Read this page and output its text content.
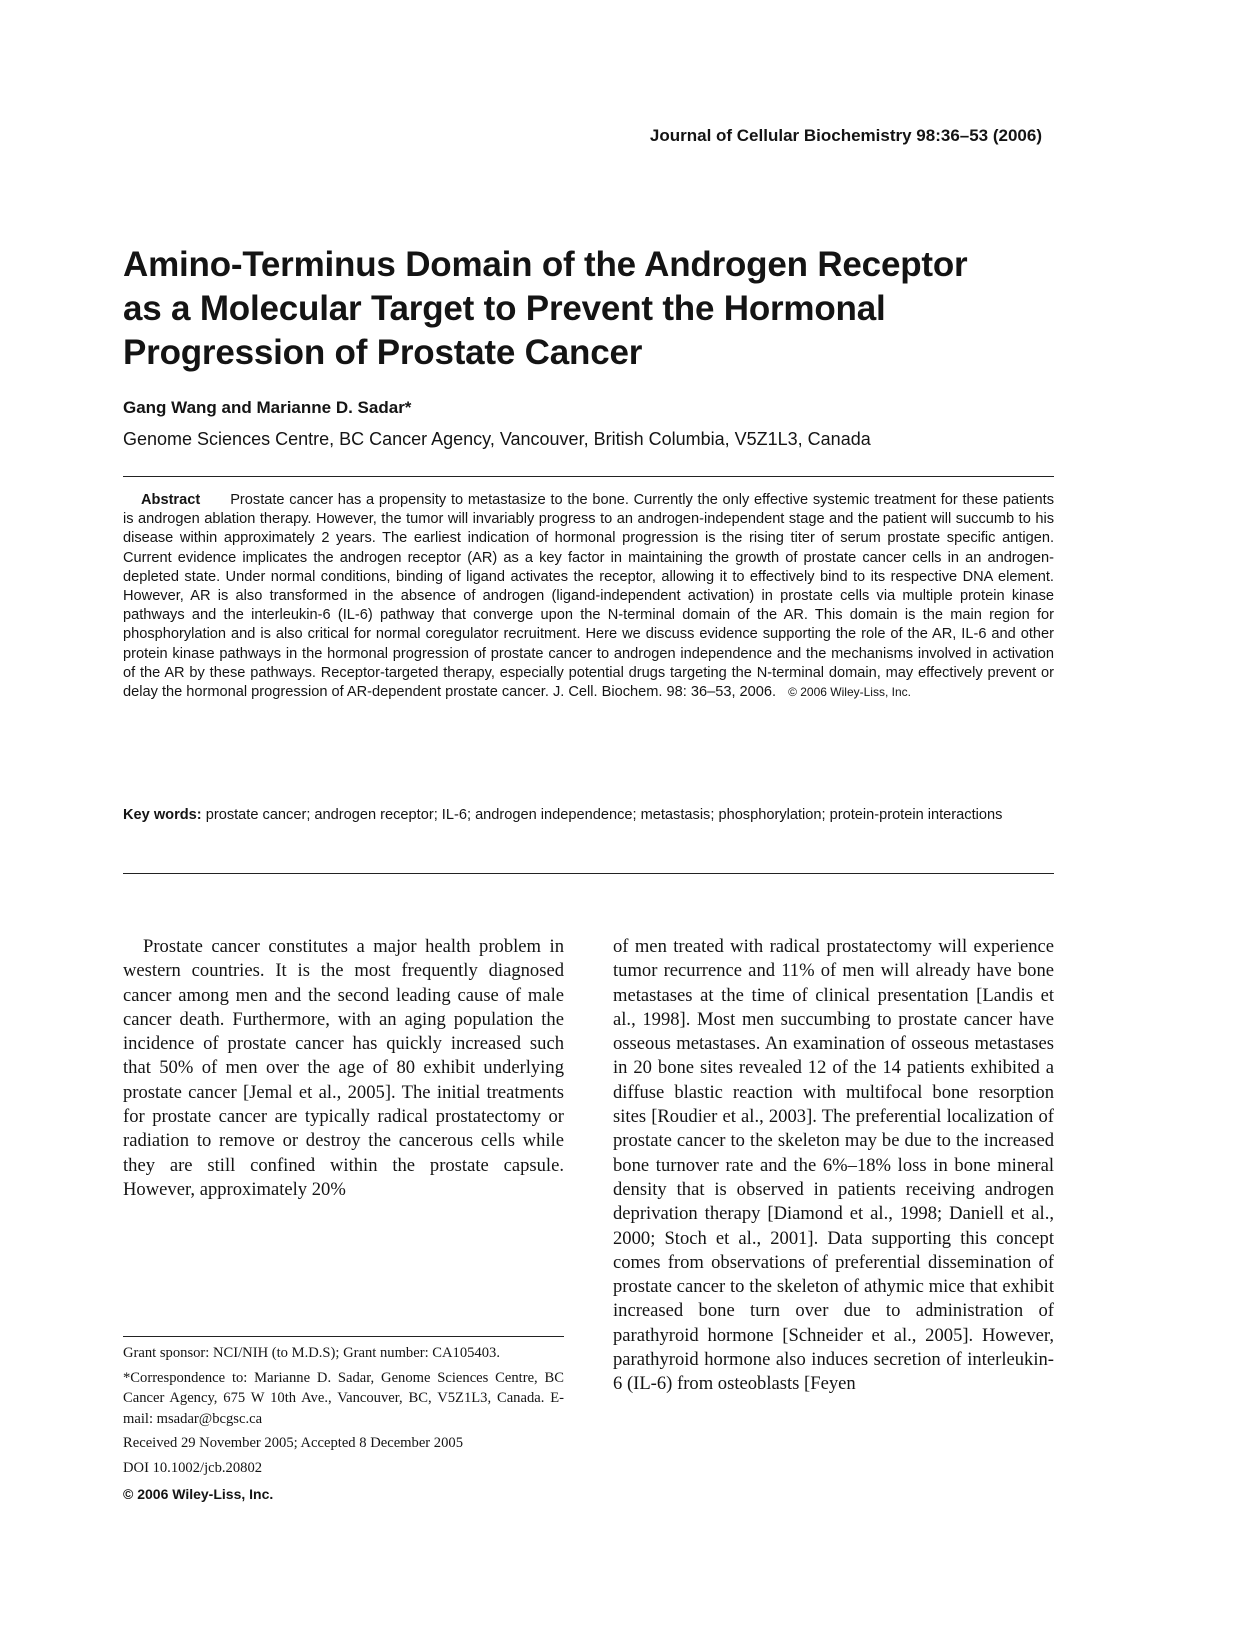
Journal of Cellular Biochemistry 98:36–53 (2006)
Amino-Terminus Domain of the Androgen Receptor
as a Molecular Target to Prevent the Hormonal
Progression of Prostate Cancer
Gang Wang and Marianne D. Sadar*
Genome Sciences Centre, BC Cancer Agency, Vancouver, British Columbia, V5Z1L3, Canada
Abstract Prostate cancer has a propensity to metastasize to the bone. Currently the only effective systemic treatment for these patients is androgen ablation therapy. However, the tumor will invariably progress to an androgen-independent stage and the patient will succumb to his disease within approximately 2 years. The earliest indication of hormonal progression is the rising titer of serum prostate specific antigen. Current evidence implicates the androgen receptor (AR) as a key factor in maintaining the growth of prostate cancer cells in an androgen-depleted state. Under normal conditions, binding of ligand activates the receptor, allowing it to effectively bind to its respective DNA element. However, AR is also transformed in the absence of androgen (ligand-independent activation) in prostate cells via multiple protein kinase pathways and the interleukin-6 (IL-6) pathway that converge upon the N-terminal domain of the AR. This domain is the main region for phosphorylation and is also critical for normal coregulator recruitment. Here we discuss evidence supporting the role of the AR, IL-6 and other protein kinase pathways in the hormonal progression of prostate cancer to androgen independence and the mechanisms involved in activation of the AR by these pathways. Receptor-targeted therapy, especially potential drugs targeting the N-terminal domain, may effectively prevent or delay the hormonal progression of AR-dependent prostate cancer. J. Cell. Biochem. 98: 36–53, 2006. © 2006 Wiley-Liss, Inc.
Key words: prostate cancer; androgen receptor; IL-6; androgen independence; metastasis; phosphorylation; protein-protein interactions

Prostate cancer constitutes a major health problem in western countries. It is the most frequently diagnosed cancer among men and the second leading cause of male cancer death. Furthermore, with an aging population the incidence of prostate cancer has quickly increased such that 50% of men over the age of 80 exhibit underlying prostate cancer [Jemal et al., 2005]. The initial treatments for prostate cancer are typically radical prostatectomy or radiation to remove or destroy the cancerous cells while they are still confined within the prostate capsule. However, approximately 20%

of men treated with radical prostatectomy will experience tumor recurrence and 11% of men will already have bone metastases at the time of clinical presentation [Landis et al., 1998]. Most men succumbing to prostate cancer have osseous metastases. An examination of osseous metastases in 20 bone sites revealed 12 of the 14 patients exhibited a diffuse blastic reaction with multifocal bone resorption sites [Roudier et al., 2003]. The preferential localization of prostate cancer to the skeleton may be due to the increased bone turnover rate and the 6%–18% loss in bone mineral density that is observed in patients receiving androgen deprivation therapy [Diamond et al., 1998; Daniell et al., 2000; Stoch et al., 2001]. Data supporting this concept comes from observations of preferential dissemination of prostate cancer to the skeleton of athymic mice that exhibit increased bone turn over due to administration of parathyroid hormone [Schneider et al., 2005]. However, parathyroid hormone also induces secretion of interleukin-6 (IL-6) from osteoblasts [Feyen

Grant sponsor: NCI/NIH (to M.D.S); Grant number: CA105403.

*Correspondence to: Marianne D. Sadar, Genome Sciences Centre, BC Cancer Agency, 675 W 10th Ave., Vancouver, BC, V5Z1L3, Canada. E-mail: msadar@bcgsc.ca

Received 29 November 2005; Accepted 8 December 2005

DOI 10.1002/jcb.20802

© 2006 Wiley-Liss, Inc.
